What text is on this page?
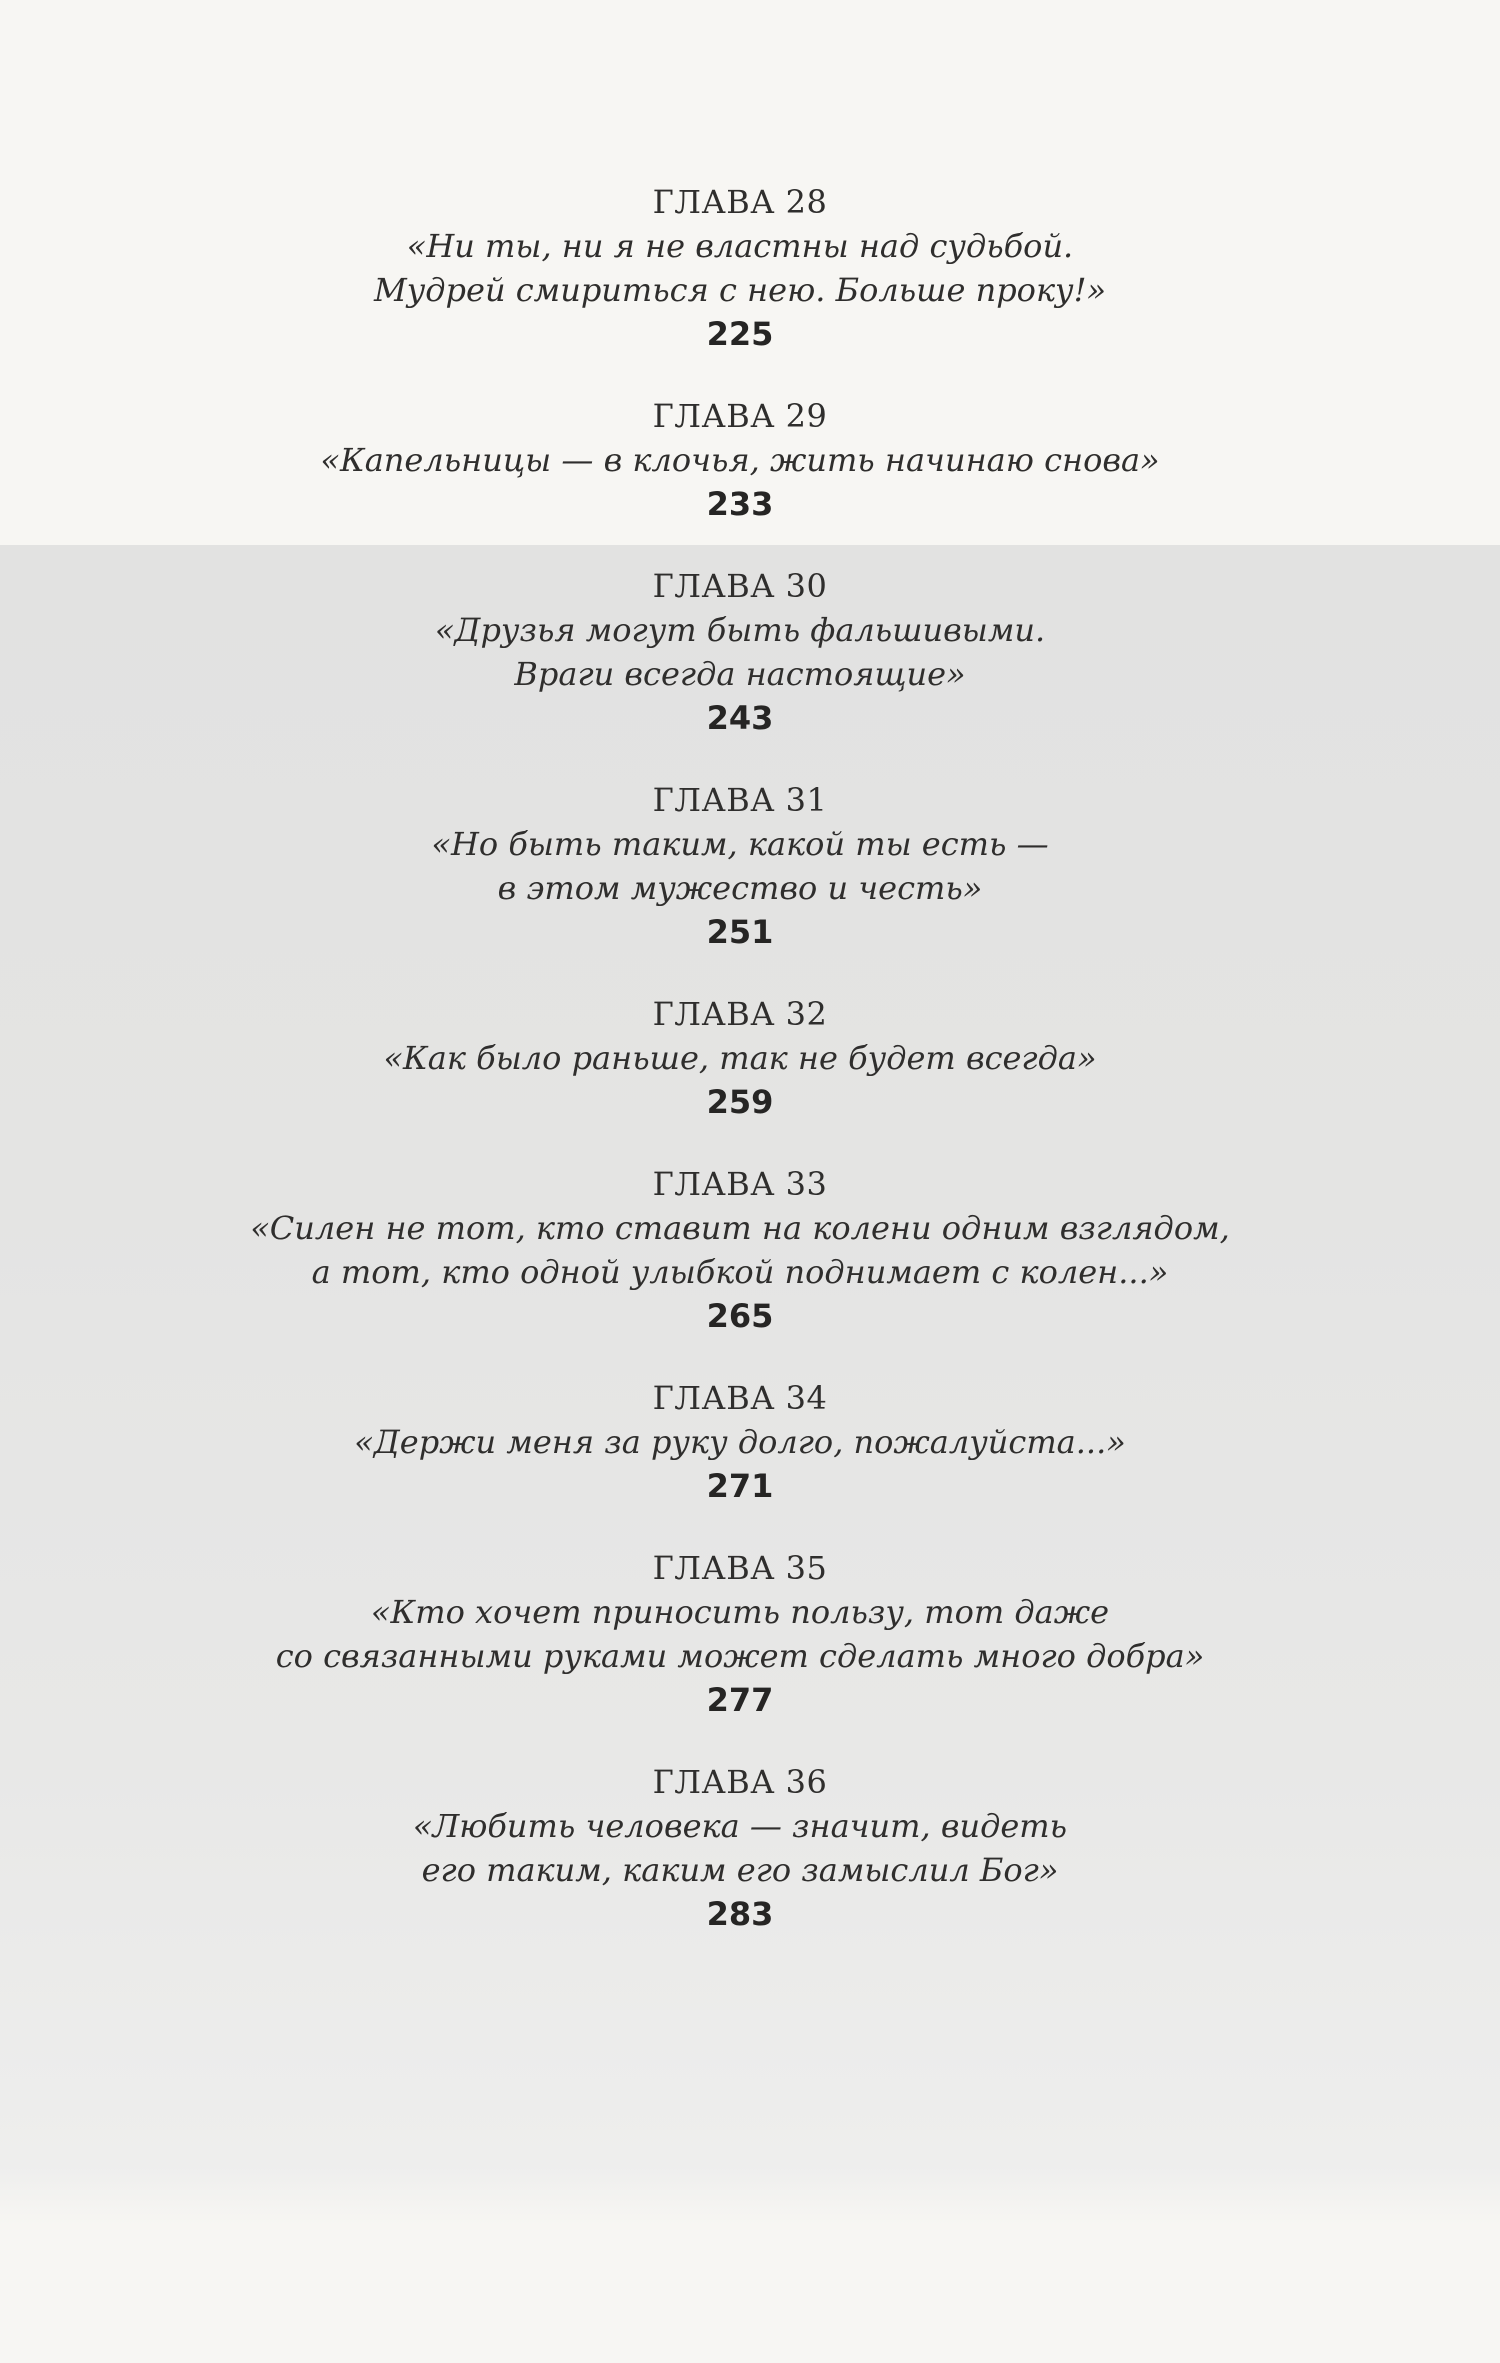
ГЛАВА 28
«Ни ты, ни я не властны над судьбой.
Мудрей смириться с нею. Больше проку!»
225
ГЛАВА 29
«Капельницы — в клочья, жить начинаю снова»
233
ГЛАВА 30
«Друзья могут быть фальшивыми.
Враги всегда настоящие»
243
ГЛАВА 31
«Но быть таким, какой ты есть —
в этом мужество и честь»
251
ГЛАВА 32
«Как было раньше, так не будет всегда»
259
ГЛАВА 33
«Силен не тот, кто ставит на колени одним взглядом,
а тот, кто одной улыбкой поднимает с колен...»
265
ГЛАВА 34
«Держи меня за руку долго, пожалуйста...»
271
ГЛАВА 35
«Кто хочет приносить пользу, тот даже
со связанными руками может сделать много добра»
277
ГЛАВА 36
«Любить человека — значит, видеть
его таким, каким его замыслил Бог»
283
